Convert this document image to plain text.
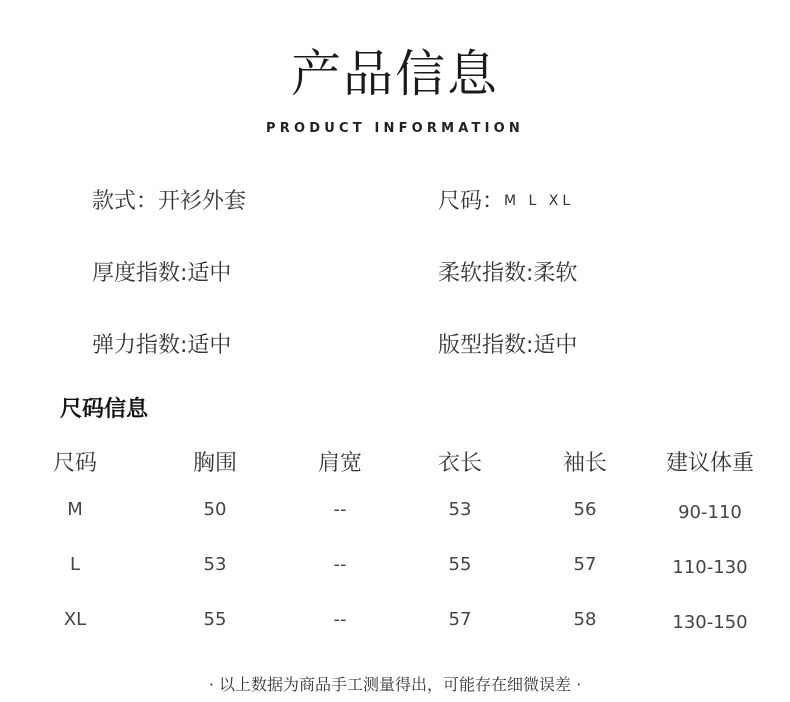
产品信息
PRODUCT INFORMATION
款式：开衫外套	尺码：M L XL
厚度指数:适中	柔软指数:柔软
弹力指数:适中	版型指数:适中
尺码信息
尺码	胸围	肩宽	衣长	袖长	建议体重
M	50	--	53	56	90-110
L	53	--	55	57	110-130
XL	55	--	57	58	130-150
· 以上数据为商品手工测量得出，可能存在细微误差 ·
